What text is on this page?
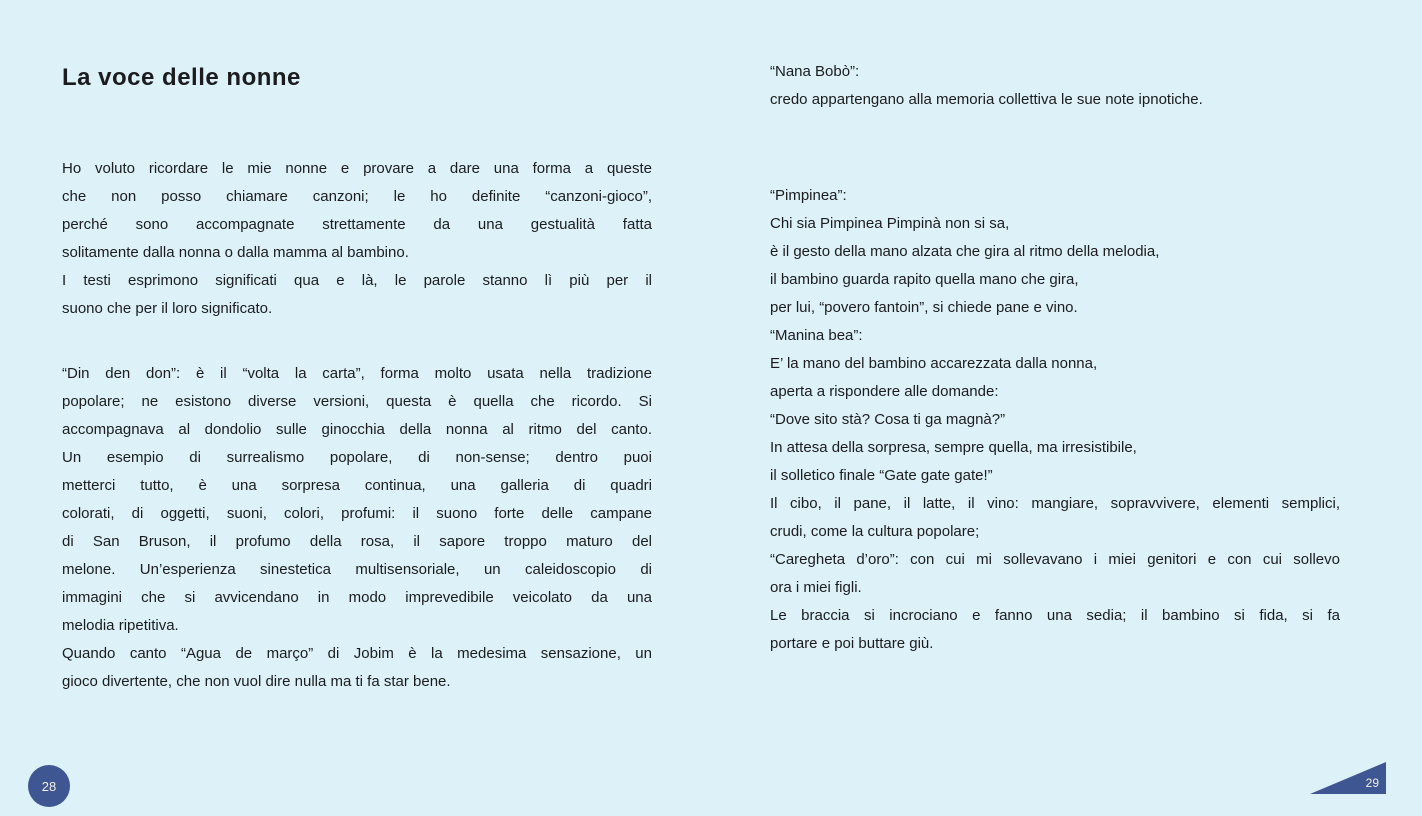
La voce delle nonne
Ho voluto ricordare le mie nonne e provare a dare una forma a queste
che non posso chiamare canzoni; le ho definite “canzoni-gioco”,
perché sono accompagnate strettamente da una gestualità fatta
solitamente dalla nonna o dalla mamma al bambino.
I testi esprimono significati qua e là, le parole stanno lì più per il
suono che per il loro significato.
“Din den don”: è il “volta la carta”, forma molto usata nella tradizione
popolare; ne esistono diverse versioni, questa è quella che ricordo. Si
accompagnava al dondolio sulle ginocchia della nonna al ritmo del canto.
Un esempio di surrealismo popolare, di non-sense; dentro puoi
metterci tutto, è una sorpresa continua, una galleria di quadri
colorati, di oggetti, suoni, colori, profumi: il suono forte delle campane
di San Bruson, il profumo della rosa, il sapore troppo maturo del
melone. Un’esperienza sinestetica multisensoriale, un caleidoscopio di
immagini che si avvicendano in modo imprevedibile veicolato da una
melodia ripetitiva.
Quando canto “Agua de março” di Jobim è la medesima sensazione, un
gioco divertente, che non vuol dire nulla ma ti fa star bene.
28
“Nana Bobò”:
credo appartengano alla memoria collettiva le sue note ipnotiche.
“Pimpinea”:
Chi sia Pimpinea Pimpinà non si sa,
è il gesto della mano alzata che gira al ritmo della melodia,
il bambino guarda rapito quella mano che gira,
per lui, “povero fantoin”, si chiede pane e vino.
“Manina bea”:
E’ la mano del bambino accarezzata dalla nonna,
aperta a rispondere alle domande:
“Dove sito stà? Cosa ti ga magnà?”
In attesa della sorpresa, sempre quella, ma irresistibile,
il solletico finale “Gate gate gate!”
Il cibo, il pane, il latte, il vino: mangiare, sopravvivere, elementi semplici,
crudi, come la cultura popolare;
“Caregheta d’oro”: con cui mi sollevavano i miei genitori e con cui sollevo
ora i miei figli.
Le braccia si incrociano e fanno una sedia; il bambino si fida, si fa
portare e poi buttare giù.
29
